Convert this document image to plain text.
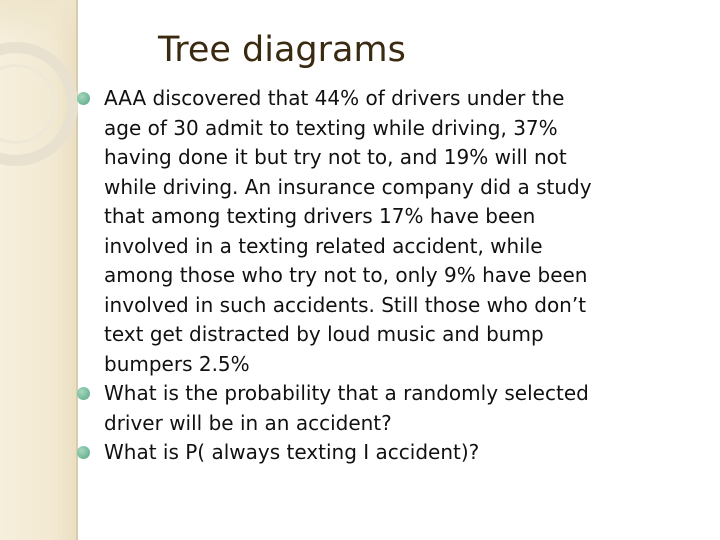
Tree diagrams
AAA discovered that 44% of drivers under the
age of 30 admit to texting while driving, 37%
having done it but try not to, and 19% will not
while driving. An insurance company did a study
that among texting drivers 17% have been
involved in a texting related accident, while
among those who try not to, only 9% have been
involved in such accidents. Still those who don’t
text get distracted by loud music and bump
bumpers 2.5%
What is the probability that a randomly selected
driver will be in an accident?
What is P( always texting I accident)?
